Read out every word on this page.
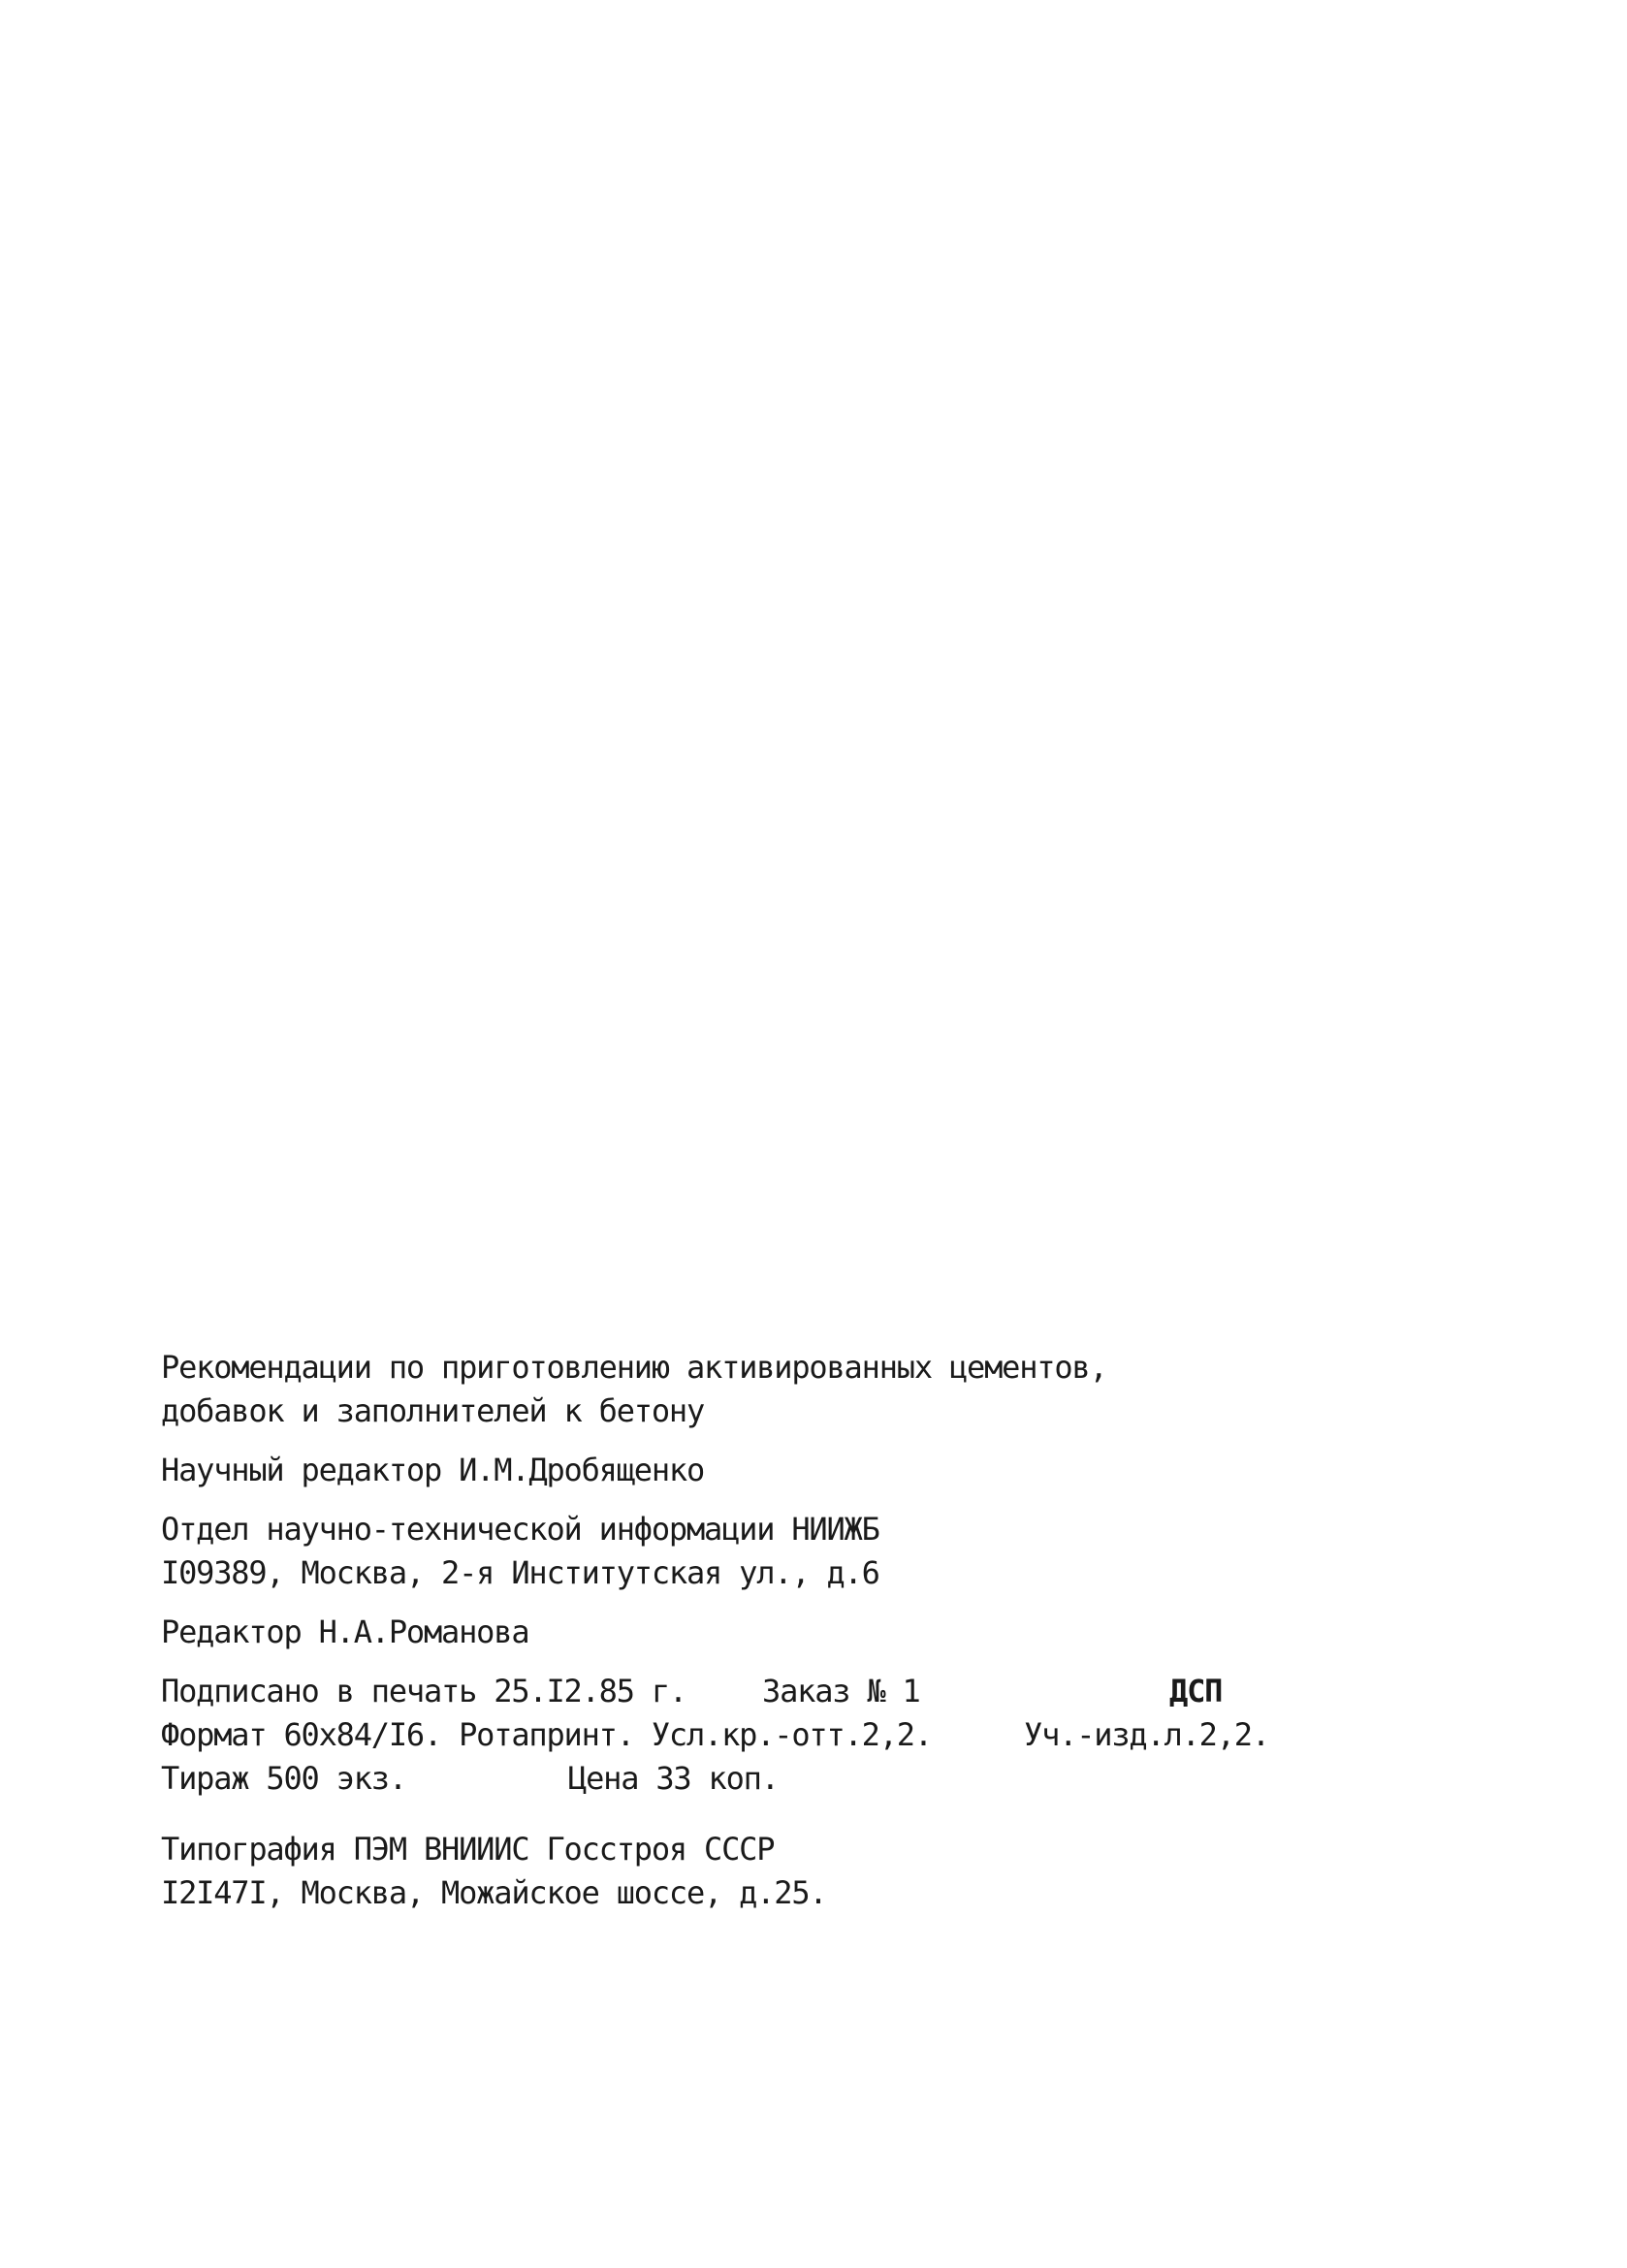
Рекомендации по приготовлению активированных цементов,
добавок и заполнителей к бетону
Научный редактор И.М.Дробященко
Отдел научно-технической информации НИИЖБ
I09389, Москва, 2-я Институтская ул., д.6
Редактор Н.А.Романова

Подписано в печать 25.I2.85 г.

Заказ № 1

	ДСП

Формат 60х84/I6. Ротапринт. Усл.кр.-отт.2,2.

	Уч.-изд.л.2,2.

Тираж 500 экз.

	Цена 33 коп.

Типография ПЭМ ВНИИИС Госстроя СССР
I2I47I, Москва, Можайское шоссе, д.25.
